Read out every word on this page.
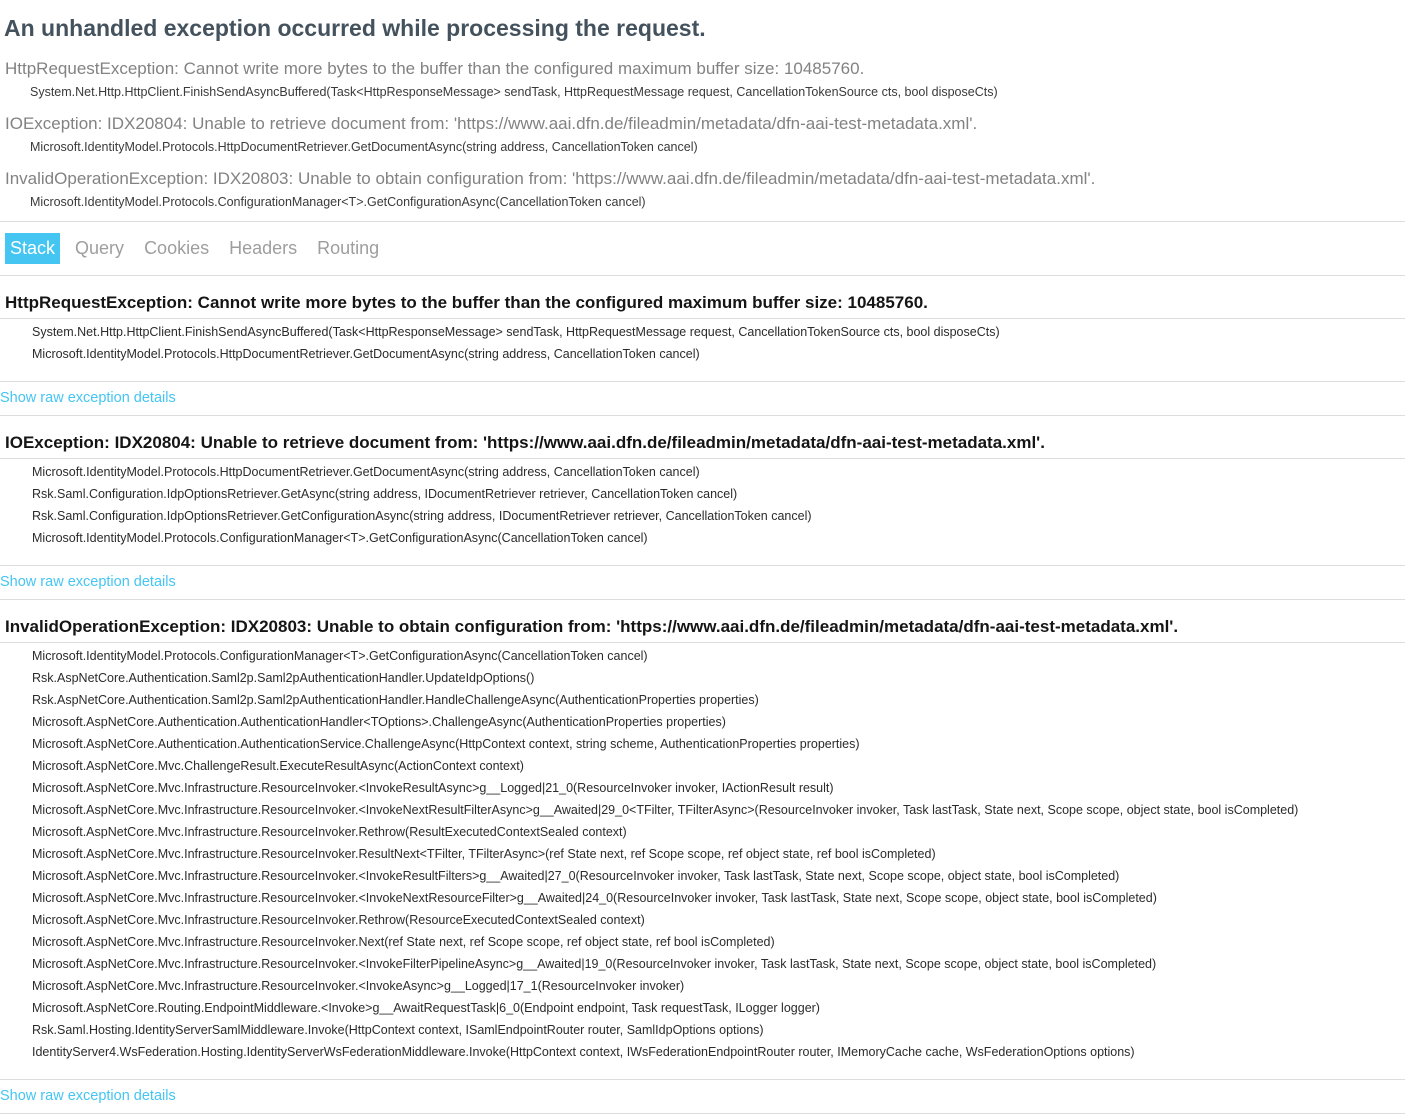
An unhandled exception occurred while processing the request.
HttpRequestException: Cannot write more bytes to the buffer than the configured maximum buffer size: 10485760.

System.Net.Http.HttpClient.FinishSendAsyncBuffered(Task<HttpResponseMessage> sendTask, HttpRequestMessage request, CancellationTokenSource cts, bool disposeCts)

IOException: IDX20804: Unable to retrieve document from: 'https://www.aai.dfn.de/fileadmin/metadata/dfn-aai-test-metadata.xml'.

Microsoft.IdentityModel.Protocols.HttpDocumentRetriever.GetDocumentAsync(string address, CancellationToken cancel)

InvalidOperationException: IDX20803: Unable to obtain configuration from: 'https://www.aai.dfn.de/fileadmin/metadata/dfn-aai-test-metadata.xml'.

Microsoft.IdentityModel.Protocols.ConfigurationManager<T>.GetConfigurationAsync(CancellationToken cancel)

Stack Query Cookies Headers Routing
HttpRequestException: Cannot write more bytes to the buffer than the configured maximum buffer size: 10485760.
System.Net.Http.HttpClient.FinishSendAsyncBuffered(Task<HttpResponseMessage> sendTask, HttpRequestMessage request, CancellationTokenSource cts, bool disposeCts)
Microsoft.IdentityModel.Protocols.HttpDocumentRetriever.GetDocumentAsync(string address, CancellationToken cancel)
Show raw exception details
IOException: IDX20804: Unable to retrieve document from: 'https://www.aai.dfn.de/fileadmin/metadata/dfn-aai-test-metadata.xml'.
Microsoft.IdentityModel.Protocols.HttpDocumentRetriever.GetDocumentAsync(string address, CancellationToken cancel)
Rsk.Saml.Configuration.IdpOptionsRetriever.GetAsync(string address, IDocumentRetriever retriever, CancellationToken cancel)
Rsk.Saml.Configuration.IdpOptionsRetriever.GetConfigurationAsync(string address, IDocumentRetriever retriever, CancellationToken cancel)
Microsoft.IdentityModel.Protocols.ConfigurationManager<T>.GetConfigurationAsync(CancellationToken cancel)
Show raw exception details
InvalidOperationException: IDX20803: Unable to obtain configuration from: 'https://www.aai.dfn.de/fileadmin/metadata/dfn-aai-test-metadata.xml'.
Microsoft.IdentityModel.Protocols.ConfigurationManager<T>.GetConfigurationAsync(CancellationToken cancel)
Rsk.AspNetCore.Authentication.Saml2p.Saml2pAuthenticationHandler.UpdateIdpOptions()
Rsk.AspNetCore.Authentication.Saml2p.Saml2pAuthenticationHandler.HandleChallengeAsync(AuthenticationProperties properties)
Microsoft.AspNetCore.Authentication.AuthenticationHandler<TOptions>.ChallengeAsync(AuthenticationProperties properties)
Microsoft.AspNetCore.Authentication.AuthenticationService.ChallengeAsync(HttpContext context, string scheme, AuthenticationProperties properties)
Microsoft.AspNetCore.Mvc.ChallengeResult.ExecuteResultAsync(ActionContext context)
Microsoft.AspNetCore.Mvc.Infrastructure.ResourceInvoker.<InvokeResultAsync>g__Logged|21_0(ResourceInvoker invoker, IActionResult result)
Microsoft.AspNetCore.Mvc.Infrastructure.ResourceInvoker.<InvokeNextResultFilterAsync>g__Awaited|29_0<TFilter, TFilterAsync>(ResourceInvoker invoker, Task lastTask, State next, Scope scope, object state, bool isCompleted)
Microsoft.AspNetCore.Mvc.Infrastructure.ResourceInvoker.Rethrow(ResultExecutedContextSealed context)
Microsoft.AspNetCore.Mvc.Infrastructure.ResourceInvoker.ResultNext<TFilter, TFilterAsync>(ref State next, ref Scope scope, ref object state, ref bool isCompleted)
Microsoft.AspNetCore.Mvc.Infrastructure.ResourceInvoker.<InvokeResultFilters>g__Awaited|27_0(ResourceInvoker invoker, Task lastTask, State next, Scope scope, object state, bool isCompleted)
Microsoft.AspNetCore.Mvc.Infrastructure.ResourceInvoker.<InvokeNextResourceFilter>g__Awaited|24_0(ResourceInvoker invoker, Task lastTask, State next, Scope scope, object state, bool isCompleted)
Microsoft.AspNetCore.Mvc.Infrastructure.ResourceInvoker.Rethrow(ResourceExecutedContextSealed context)
Microsoft.AspNetCore.Mvc.Infrastructure.ResourceInvoker.Next(ref State next, ref Scope scope, ref object state, ref bool isCompleted)
Microsoft.AspNetCore.Mvc.Infrastructure.ResourceInvoker.<InvokeFilterPipelineAsync>g__Awaited|19_0(ResourceInvoker invoker, Task lastTask, State next, Scope scope, object state, bool isCompleted)
Microsoft.AspNetCore.Mvc.Infrastructure.ResourceInvoker.<InvokeAsync>g__Logged|17_1(ResourceInvoker invoker)
Microsoft.AspNetCore.Routing.EndpointMiddleware.<Invoke>g__AwaitRequestTask|6_0(Endpoint endpoint, Task requestTask, ILogger logger)
Rsk.Saml.Hosting.IdentityServerSamlMiddleware.Invoke(HttpContext context, ISamlEndpointRouter router, SamlIdpOptions options)
IdentityServer4.WsFederation.Hosting.IdentityServerWsFederationMiddleware.Invoke(HttpContext context, IWsFederationEndpointRouter router, IMemoryCache cache, WsFederationOptions options)
Show raw exception details
